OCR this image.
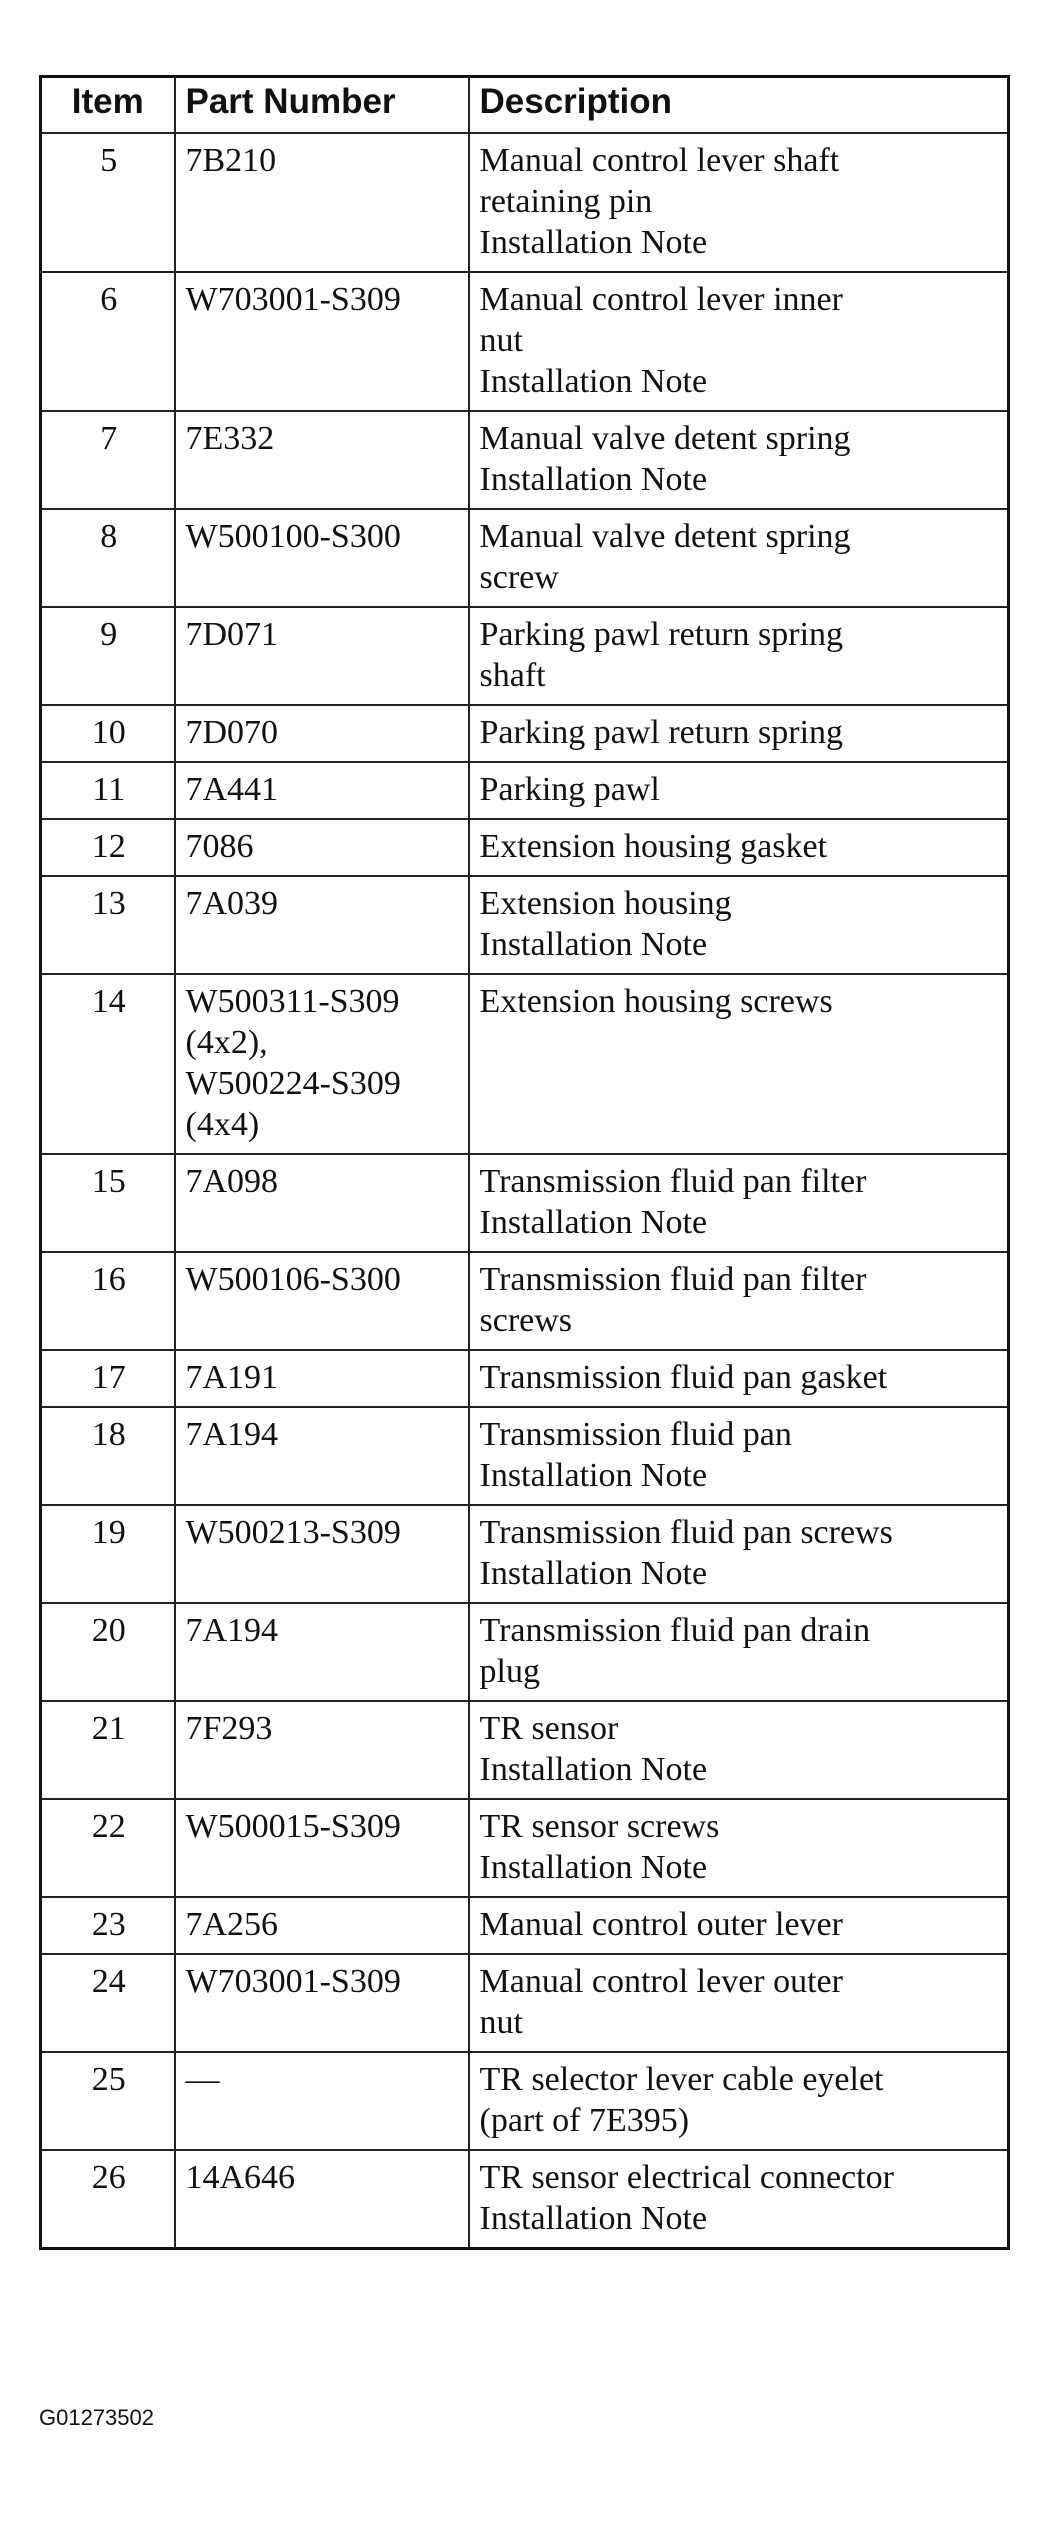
Item	Part Number	Description
5	7B210	Manual control lever shaft
retaining pin
Installation Note

6	W703001-S309	Manual control lever inner
nut
Installation Note

7	7E332	Manual valve detent spring
Installation Note

8	W500100-S300	Manual valve detent spring
screw

9	7D071	Parking pawl return spring
shaft

10	7D070	Parking pawl return spring

11	7A441	Parking pawl

12	7086	Extension housing gasket

13	7A039	Extension housing
Installation Note

14	W500311-S309
(4x2),
W500224-S309
(4x4)	Extension housing screws

15	7A098	Transmission fluid pan filter
Installation Note

16	W500106-S300	Transmission fluid pan filter
screws

17	7A191	Transmission fluid pan gasket

18	7A194	Transmission fluid pan
Installation Note

19	W500213-S309	Transmission fluid pan screws
Installation Note

20	7A194	Transmission fluid pan drain
plug

21	7F293	TR sensor
Installation Note

22	W500015-S309	TR sensor screws
Installation Note

23	7A256	Manual control outer lever

24	W703001-S309	Manual control lever outer
nut

25	—	TR selector lever cable eyelet
(part of 7E395)

26	14A646	TR sensor electrical connector
Installation Note
G01273502
